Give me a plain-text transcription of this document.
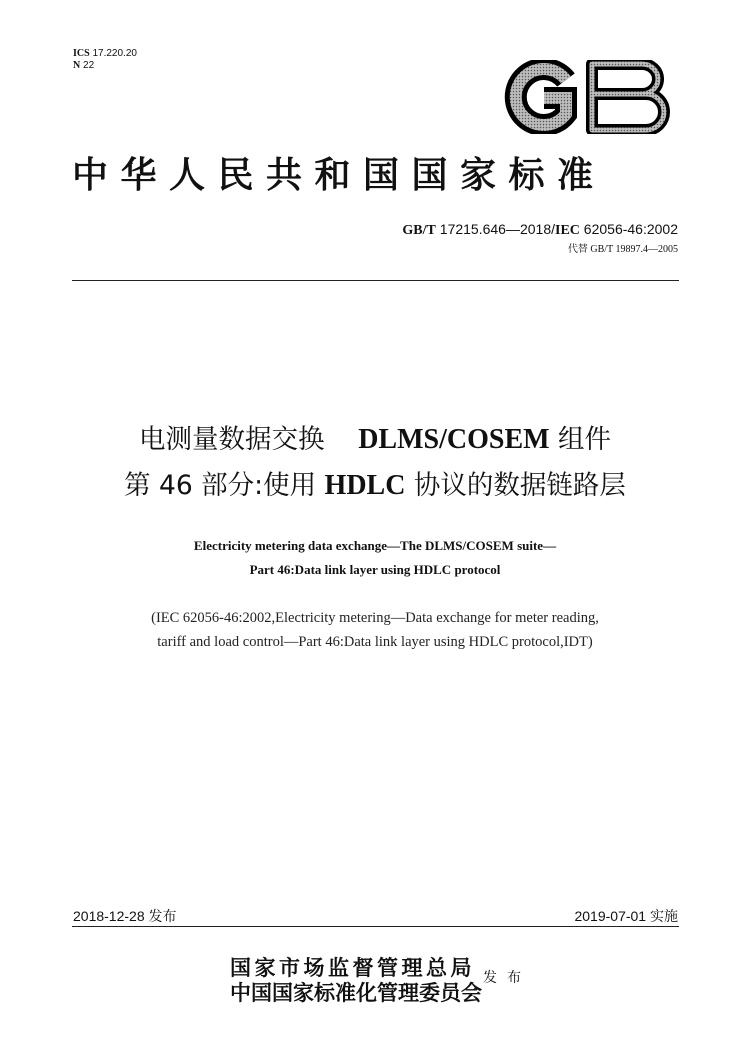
ICS 17.220.20
N 22
中华人民共和国国家标准
GB/T 17215.646—2018/IEC 62056-46:2002
代替 GB/T 19897.4—2005
电测量数据交换 DLMS/COSEM 组件
第 46 部分:使用 HDLC 协议的数据链路层
Electricity metering data exchange—The DLMS/COSEM suite—
Part 46:Data link layer using HDLC protocol
(IEC 62056-46:2002,Electricity metering—Data exchange for meter reading,
tariff and load control—Part 46:Data link layer using HDLC protocol,IDT)
2018-12-28 发布	2019-07-01 实施
国家市场监督管理总局
中国国家标准化管理委员会
发布
